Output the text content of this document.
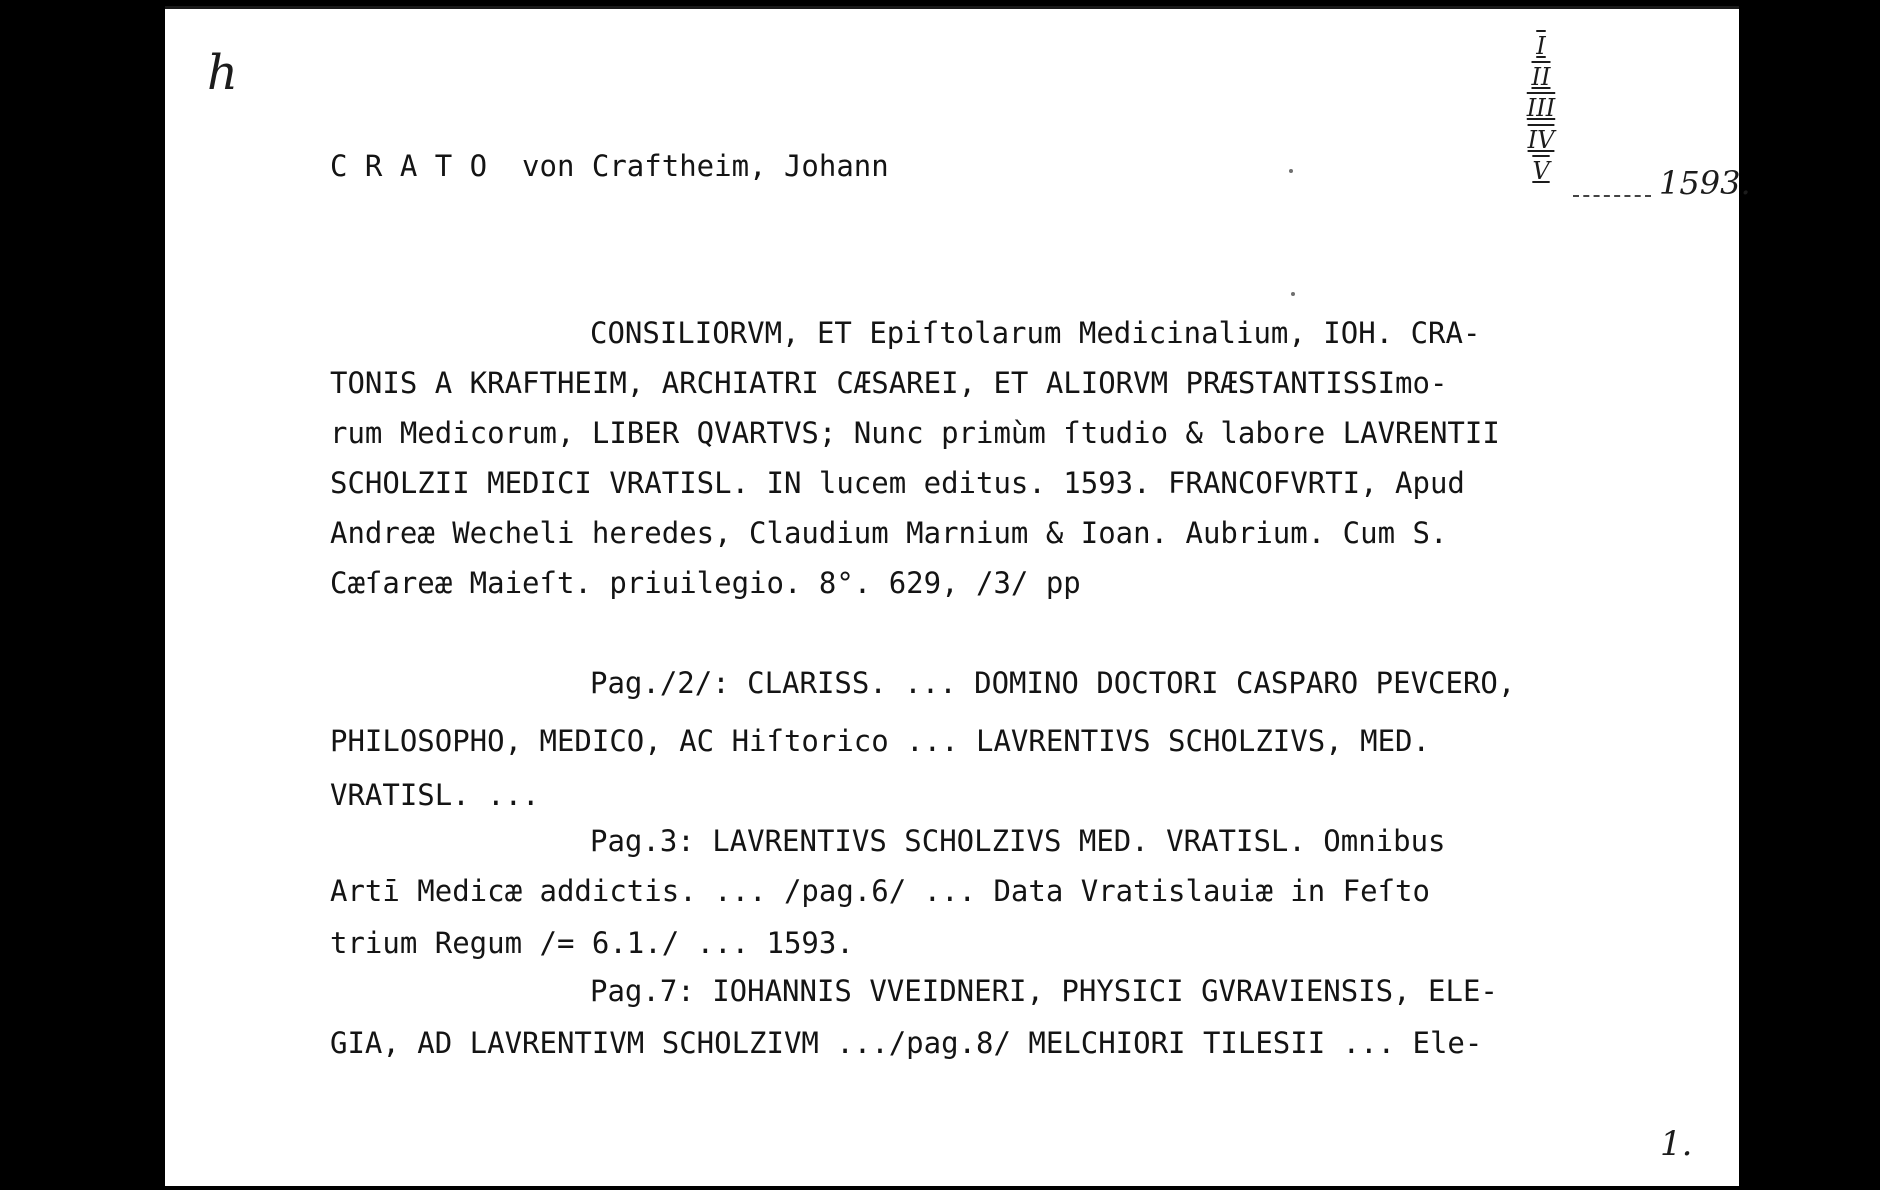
h
C R A T O  von Craftheim, Johann
I
II
III
IV
V	1593.
CONSILIORVM, ET Epiſtolarum Medicinalium, IOH. CRA-
TONIS A KRAFTHEIM, ARCHIATRI CÆSAREI, ET ALIORVM PRÆSTANTISSImo-
rum Medicorum, LIBER QVARTVS; Nunc primùm ſtudio & labore LAVRENTII
SCHOLZII MEDICI VRATISL. IN lucem editus. 1593. FRANCOFVRTI, Apud
Andreæ Wecheli heredes, Claudium Marnium & Ioan. Aubrium. Cum S.
Cæſareæ Maieſt. priuilegio. 8°. 629, /3/ pp
Pag./2/: CLARISS. ... DOMINO DOCTORI CASPARO PEVCERO,
PHILOSOPHO, MEDICO, AC Hiſtorico ... LAVRENTIVS SCHOLZIVS, MED.
VRATISL. ...
Pag.3: LAVRENTIVS SCHOLZIVS MED. VRATISL. Omnibus
Artī Medicæ addictis. ... /pag.6/ ... Data Vratislauiæ in Feſto
trium Regum /= 6.1./ ... 1593.
Pag.7: IOHANNIS VVEIDNERI, PHYSICI GVRAVIENSIS, ELE-
GIA, AD LAVRENTIVM SCHOLZIVM .../pag.8/ MELCHIORI TILESII ... Ele-
1.
